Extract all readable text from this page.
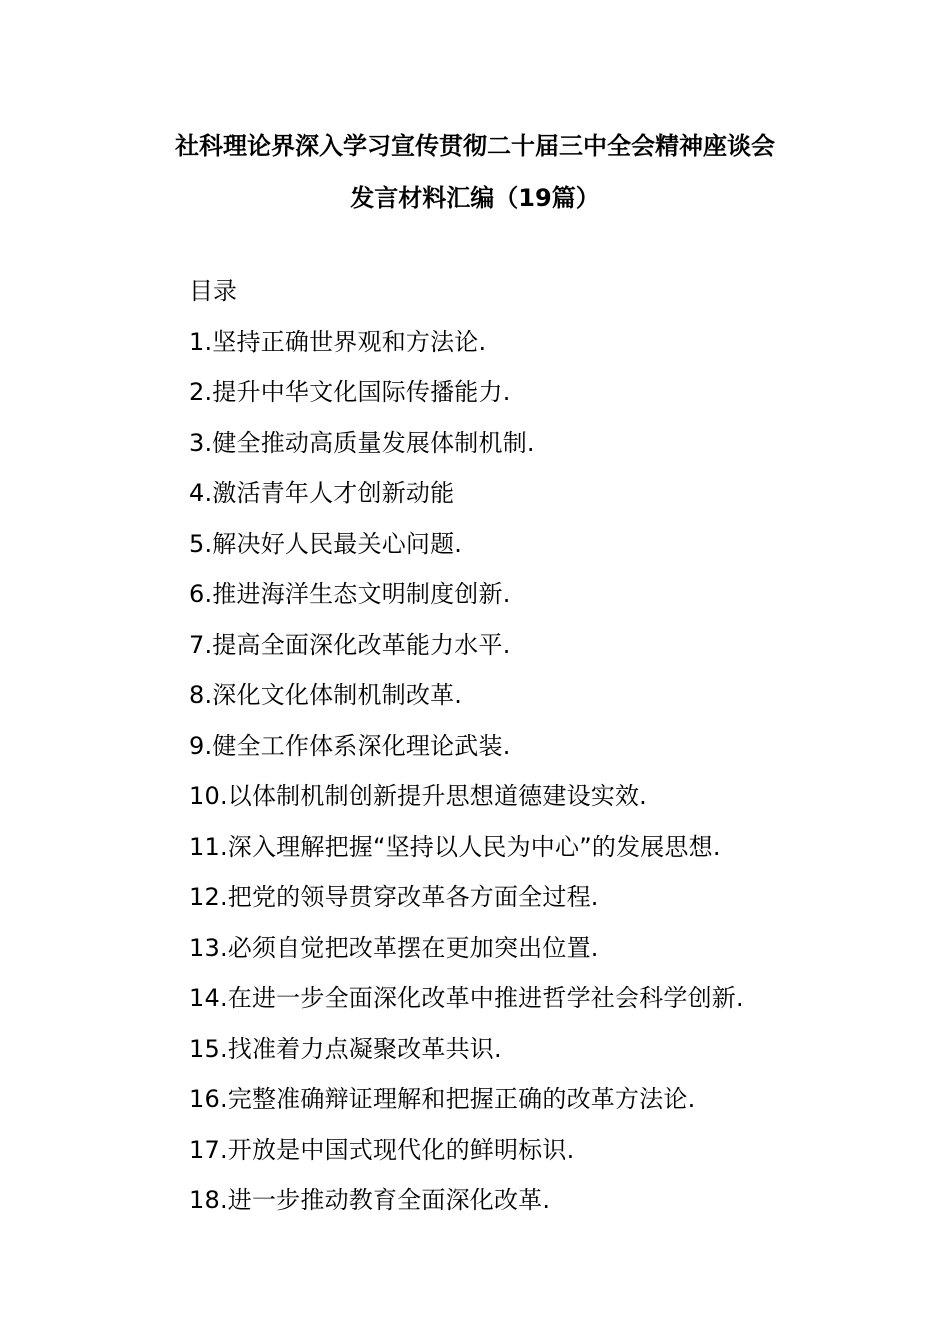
社科理论界深入学习宣传贯彻二十届三中全会精神座谈会
发言材料汇编（19篇）
目录
1.坚持正确世界观和方法论.
2.提升中华文化国际传播能力.
3.健全推动高质量发展体制机制.
4.激活青年人才创新动能
5.解决好人民最关心问题.
6.推进海洋生态文明制度创新.
7.提高全面深化改革能力水平.
8.深化文化体制机制改革.
9.健全工作体系深化理论武装.
10.以体制机制创新提升思想道德建设实效.
11.深入理解把握“坚持以人民为中心”的发展思想.
12.把党的领导贯穿改革各方面全过程.
13.必须自觉把改革摆在更加突出位置.
14.在进一步全面深化改革中推进哲学社会科学创新.
15.找准着力点凝聚改革共识.
16.完整准确辩证理解和把握正确的改革方法论.
17.开放是中国式现代化的鲜明标识.
18.进一步推动教育全面深化改革.
